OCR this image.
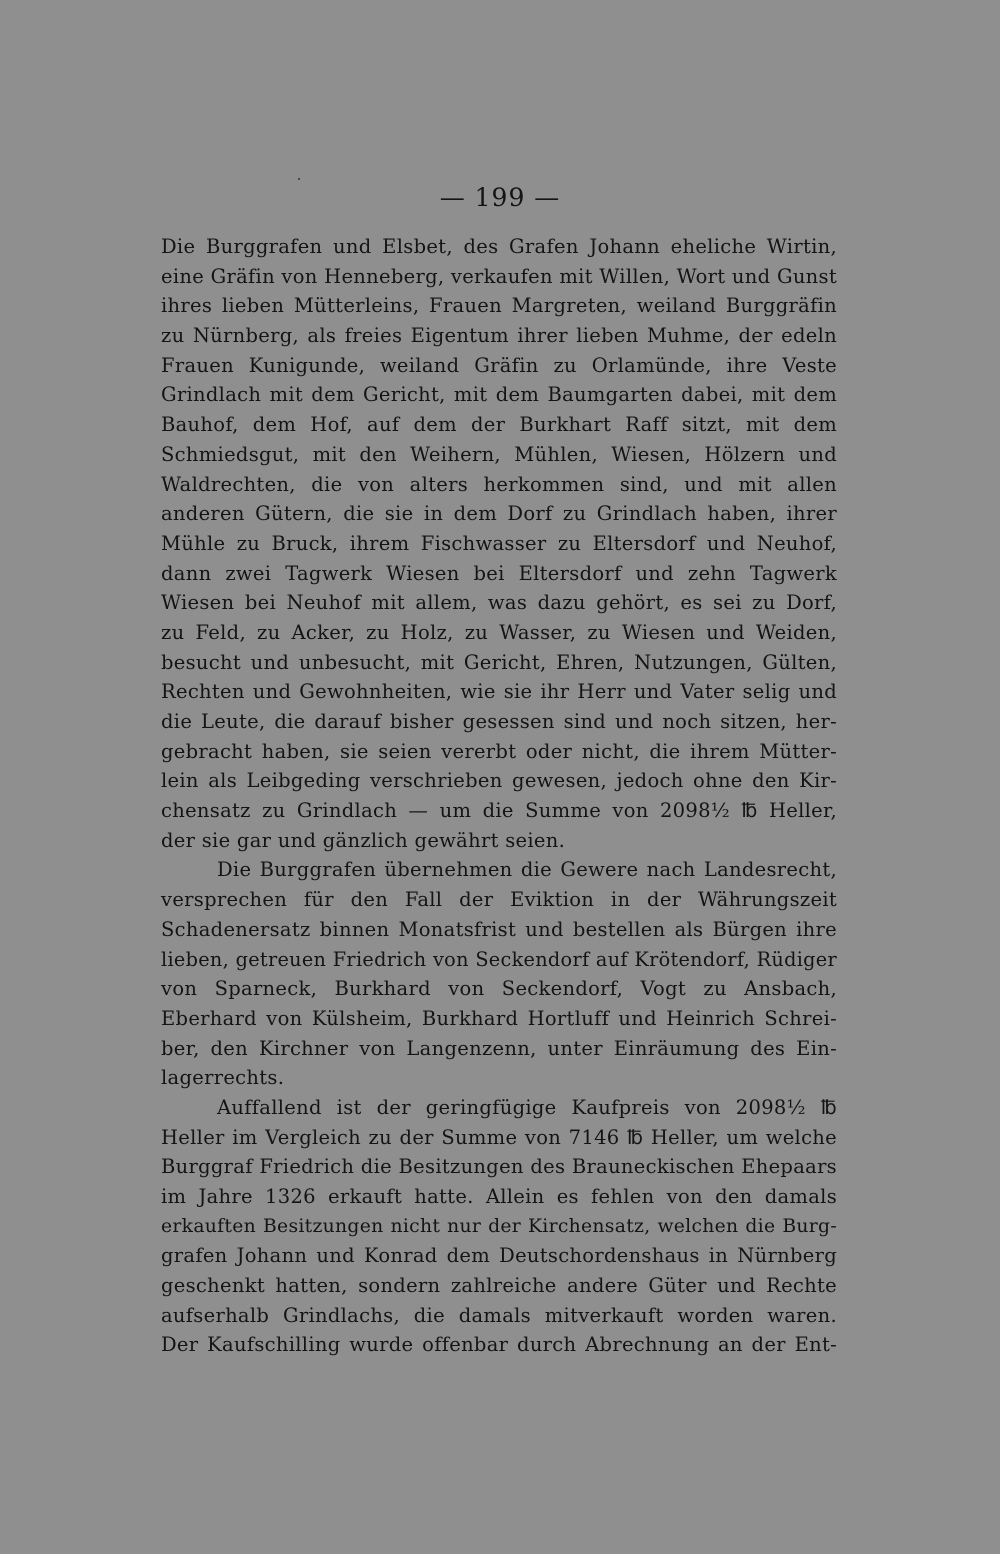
— 199 —
Die Burggrafen und Elsbet, des Grafen Johann eheliche Wirtin,
eine Gräfin von Henneberg, verkaufen mit Willen, Wort und Gunst
ihres lieben Mütterleins, Frauen Margreten, weiland Burggräfin
zu Nürnberg, als freies Eigentum ihrer lieben Muhme, der edeln
Frauen Kunigunde, weiland Gräfin zu Orlamünde, ihre Veste
Grindlach mit dem Gericht, mit dem Baumgarten dabei, mit dem
Bauhof, dem Hof, auf dem der Burkhart Raff sitzt, mit dem
Schmiedsgut, mit den Weihern, Mühlen, Wiesen, Hölzern und
Waldrechten, die von alters herkommen sind, und mit allen
anderen Gütern, die sie in dem Dorf zu Grindlach haben, ihrer
Mühle zu Bruck, ihrem Fischwasser zu Eltersdorf und Neuhof,
dann zwei Tagwerk Wiesen bei Eltersdorf und zehn Tagwerk
Wiesen bei Neuhof mit allem, was dazu gehört, es sei zu Dorf,
zu Feld, zu Acker, zu Holz, zu Wasser, zu Wiesen und Weiden,
besucht und unbesucht, mit Gericht, Ehren, Nutzungen, Gülten,
Rechten und Gewohnheiten, wie sie ihr Herr und Vater selig und
die Leute, die darauf bisher gesessen sind und noch sitzen, her-
gebracht haben, sie seien vererbt oder nicht, die ihrem Mütter-
lein als Leibgeding verschrieben gewesen, jedoch ohne den Kir-
chensatz zu Grindlach — um die Summe von 2098½ ℔ Heller,
der sie gar und gänzlich gewährt seien.
Die Burggrafen übernehmen die Gewere nach Landesrecht,
versprechen für den Fall der Eviktion in der Währungszeit
Schadenersatz binnen Monatsfrist und bestellen als Bürgen ihre
lieben, getreuen Friedrich von Seckendorf auf Krötendorf, Rüdiger
von Sparneck, Burkhard von Seckendorf, Vogt zu Ansbach,
Eberhard von Külsheim, Burkhard Hortluff und Heinrich Schrei-
ber, den Kirchner von Langenzenn, unter Einräumung des Ein-
lagerrechts.
Auffallend ist der geringfügige Kaufpreis von 2098½ ℔
Heller im Vergleich zu der Summe von 7146 ℔ Heller, um welche
Burggraf Friedrich die Besitzungen des Brauneckischen Ehepaars
im Jahre 1326 erkauft hatte. Allein es fehlen von den damals
erkauften Besitzungen nicht nur der Kirchensatz, welchen die Burg-
grafen Johann und Konrad dem Deutschordenshaus in Nürnberg
geschenkt hatten, sondern zahlreiche andere Güter und Rechte
aufserhalb Grindlachs, die damals mitverkauft worden waren.
Der Kaufschilling wurde offenbar durch Abrechnung an der Ent-
